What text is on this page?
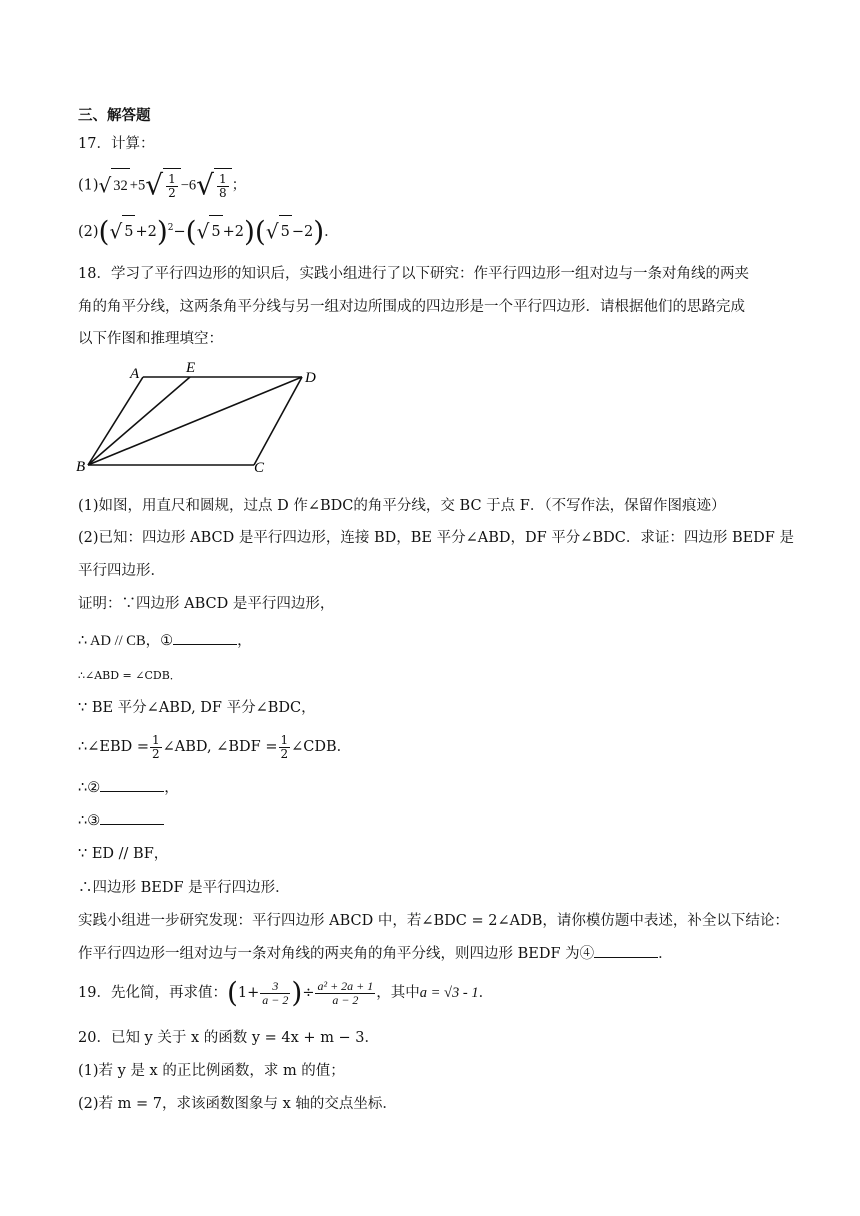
三、解答题
17．计算：
(1)√ $32 +5√ \frac{1}{2} -6√ \frac{1}{8}$ ；
(2)(√ 5 +2)$^2$−(√ 5 +2)(√ 5 −2)．
18．学习了平行四边形的知识后，实践小组进行了以下研究：作平行四边形一组对边与一条对角线的两夹
角的角平分线，这两条角平分线与另一组对边所围成的四边形是一个平行四边形．请根据他们的思路完成
以下作图和推理填空：
A	E
D
B	C
(1)如图，用直尺和圆规，过点 D 作∠BDC的角平分线，交 BC 于点 F．（不写作法，保留作图痕迹）
(2)已知：四边形 ABCD 是平行四边形，连接 BD，BE 平分∠ABD，DF 平分∠BDC．求证：四边形 BEDF 是
平行四边形．
证明：∵四边形 ABCD 是平行四边形，
∴ AD // CB，①	，
∴∠ABD = ∠CDB．
∵ BE 平分∠ABD, DF 平分∠BDC，
∴∠EBD = $\frac{1}{2}$ ∠ABD, ∠BDF = $\frac{1}{2}$ ∠CDB．
∴②	，
∴③
∵ ED // BF，
∴四边形 BEDF 是平行四边形．
实践小组进一步研究发现：平行四边形 ABCD 中，若∠BDC = 2∠ADB，请你模仿题中表述，补全以下结论：
作平行四边形一组对边与一条对角线的两夹角的角平分线，则四边形 BEDF 为④	．
19．先化简，再求值：($1+ \frac{3}{a - 2}$ )÷ $\frac{\text{a² + 2a + 1}}{a - 2}$ ，其中a = √3 - 1．
20．已知 y 关于 x 的函数 y = 4x + m − 3．
(1)若 y 是 x 的正比例函数，求 m 的值；
(2)若 m = 7，求该函数图象与 x 轴的交点坐标．
